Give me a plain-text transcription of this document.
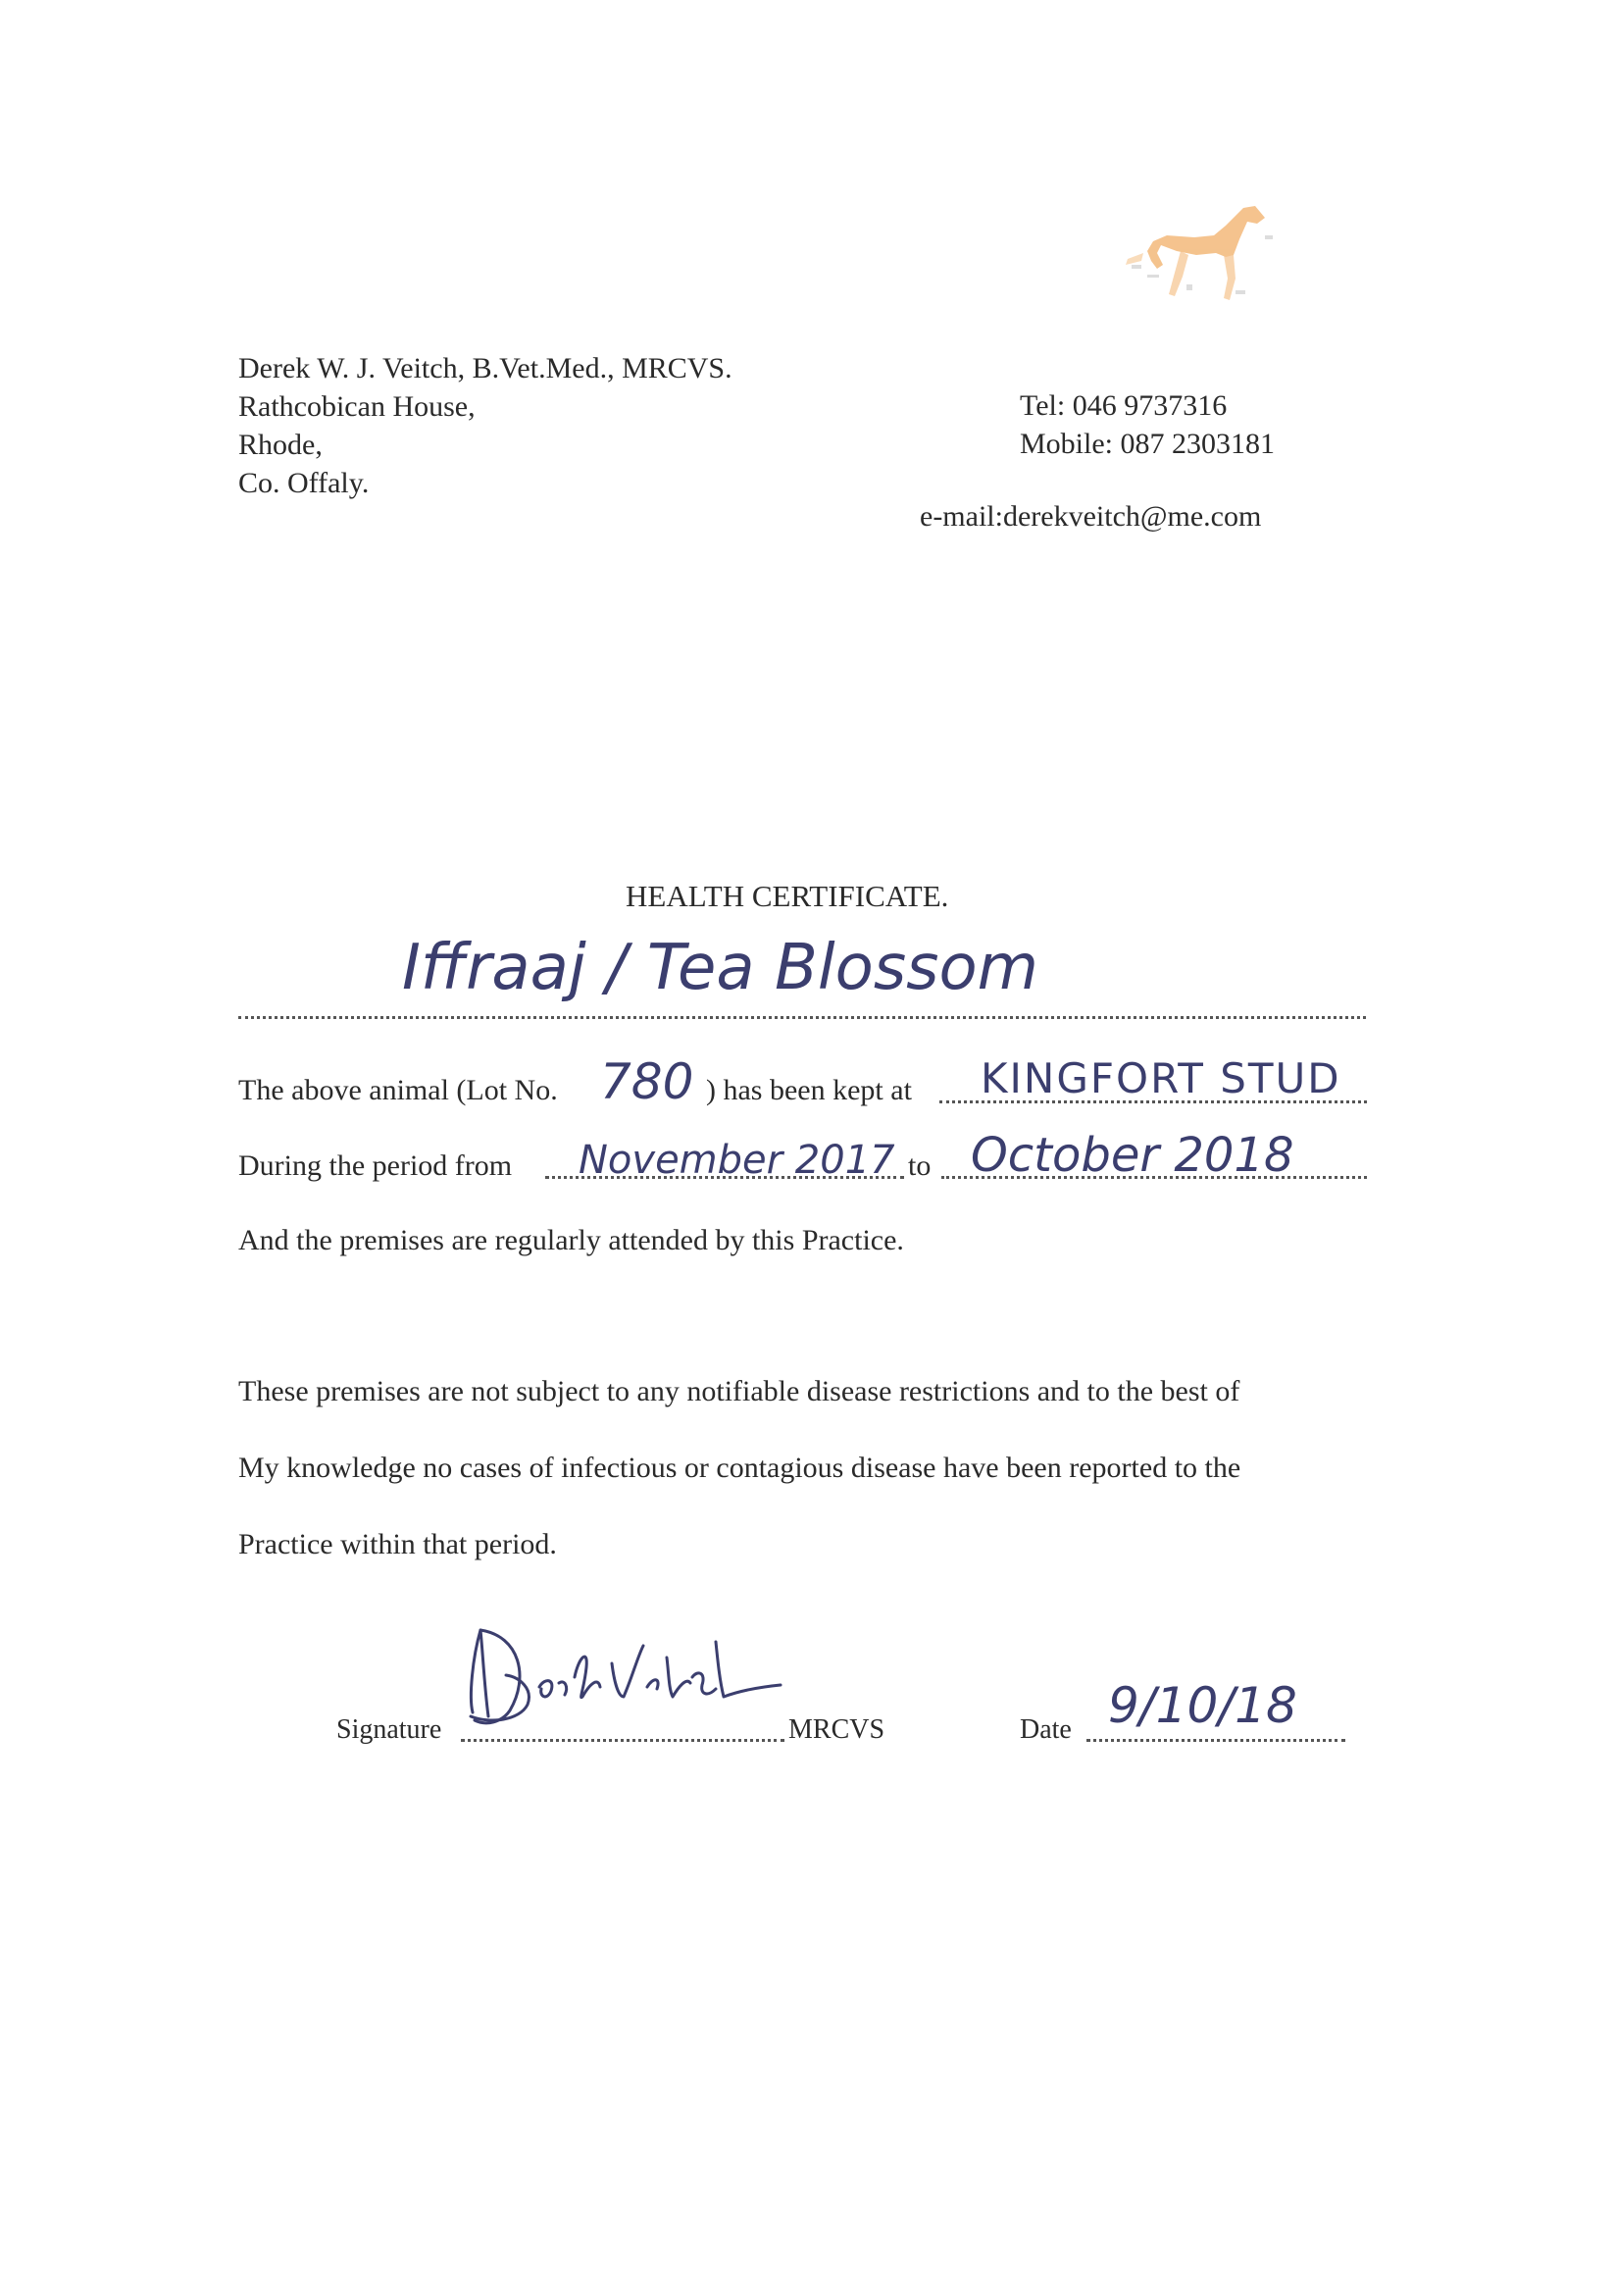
Derek W. J. Veitch, B.Vet.Med., MRCVS.
Rathcobican House,
Rhode,
Co. Offaly.
Tel: 046 9737316
Mobile: 087 2303181
e-mail:derekveitch@me.com
HEALTH CERTIFICATE.
Iffraaj / Tea Blossom
The above animal (Lot No. 780 ) has been kept at KINGFORT STUD
During the period from November 2017 to October 2018
And the premises are regularly attended by this Practice.
These premises are not subject to any notifiable disease restrictions and to the best of
My knowledge no cases of infectious or contagious disease have been reported to the
Practice within that period.
Signature	MRCVS	Date 9/10/18
